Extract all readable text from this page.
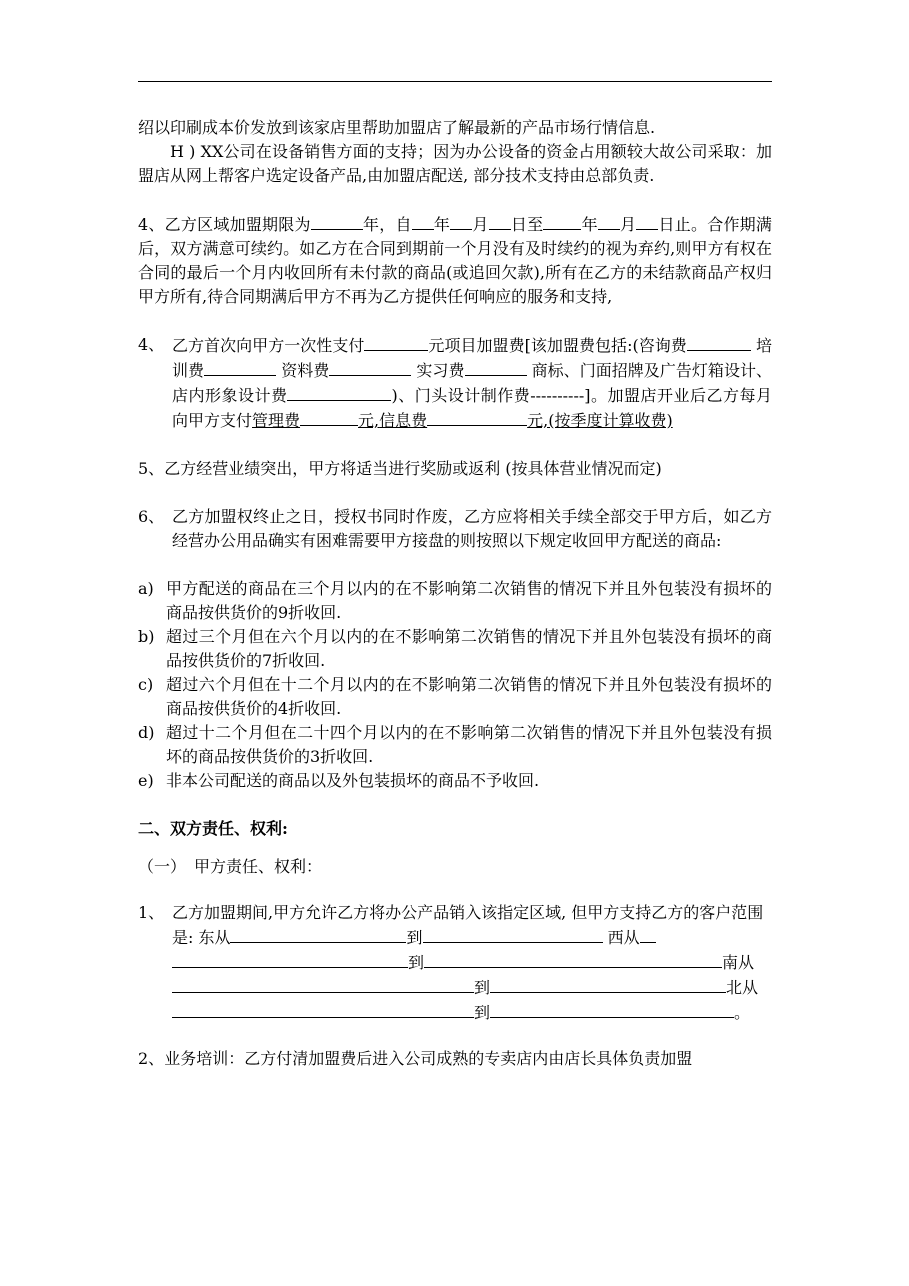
绍以印刷成本价发放到该家店里帮助加盟店了解最新的产品市场行情信息.

H ) XX公司在设备销售方面的支持；因为办公设备的资金占用额较大故公司采取：加盟店从网上帮客户选定设备产品,由加盟店配送, 部分技术支持由总部负责.

4、乙方区域加盟期限为	年，自 年 月 日至 年 月 日止。合作期满后，双方满意可续约。如乙方在合同到期前一个月没有及时续约的视为弃约,则甲方有权在合同的最后一个月内收回所有未付款的商品(或追回欠款),所有在乙方的未结款商品产权归甲方所有,待合同期满后甲方不再为乙方提供任何响应的服务和支持,

4、 乙方首次向甲方一次性支付	元项目加盟费[该加盟费包括:(咨询费	培训费	资料费	实习费	商标、门面招牌及广告灯箱设计、店内形象设计费	)、门头设计制作费----------]。加盟店开业后乙方每月向甲方支付管理费	元,信息费	元,(按季度计算收费)

5、乙方经营业绩突出，甲方将适当进行奖励或返利 (按具体营业情况而定)

6、 乙方加盟权终止之日，授权书同时作废，乙方应将相关手续全部交于甲方后，如乙方经营办公用品确实有困难需要甲方接盘的则按照以下规定收回甲方配送的商品:
a) 甲方配送的商品在三个月以内的在不影响第二次销售的情况下并且外包装没有损坏的商品按供货价的9折收回.
b) 超过三个月但在六个月以内的在不影响第二次销售的情况下并且外包装没有损坏的商品按供货价的7折收回.
c) 超过六个月但在十二个月以内的在不影响第二次销售的情况下并且外包装没有损坏的商品按供货价的4折收回.
d) 超过十二个月但在二十四个月以内的在不影响第二次销售的情况下并且外包装没有损坏的商品按供货价的3折收回.
e) 非本公司配送的商品以及外包装损坏的商品不予收回.

二、双方责任、权利:

（一）　甲方责任、权利：

1、 乙方加盟期间,甲方允许乙方将办公产品销入该指定区域, 但甲方支持乙方的客户范围是: 东从	到	西从
到	南从
到	北从
到	。

2、业务培训：乙方付清加盟费后进入公司成熟的专卖店内由店长具体负责加盟
